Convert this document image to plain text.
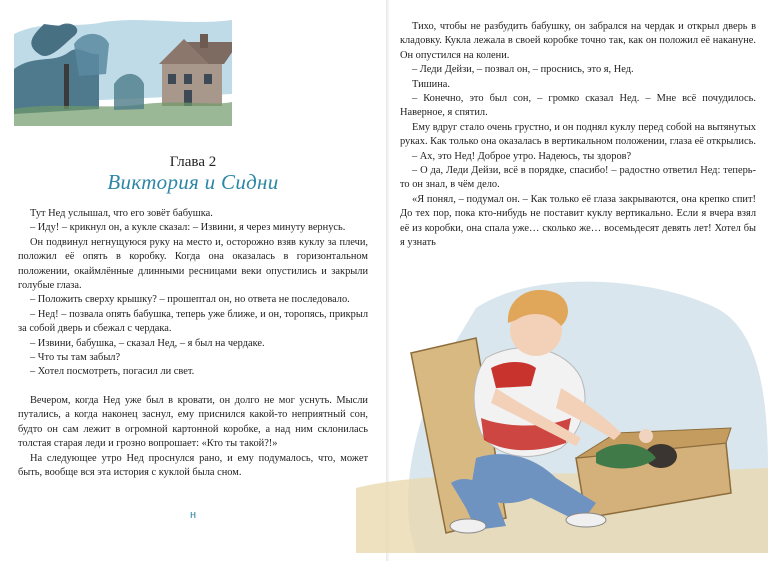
Глава 2
Виктория и Сидни

Тут Нед услышал, что его зовёт бабушка.

– Иду! – крикнул он, а кукле сказал: – Извини, я через минуту вернусь.

Он подвинул негнущуюся руку на место и, осторожно взяв куклу за плечи, положил её опять в коробку. Когда она оказалась в горизонтальном положении, окаймлённые длинными ресницами веки опустились и закрыли голубые глаза.

– Положить сверху крышку? – прошептал он, но ответа не последовало.

– Нед! – позвала опять бабушка, теперь уже ближе, и он, торопясь, прикрыл за собой дверь и сбежал с чердака.

– Извини, бабушка, – сказал Нед, – я был на чердаке.

– Что ты там забыл?

– Хотел посмотреть, погасил ли свет.

Вечером, когда Нед уже был в кровати, он долго не мог уснуть. Мысли путались, а когда наконец заснул, ему приснился какой-то неприятный сон, будто он сам лежит в огромной картонной коробке, а над ним склонилась толстая старая леди и грозно вопрошает: «Кто ты такой?!»

На следующее утро Нед проснулся рано, и ему подумалось, что, может быть, вообще вся эта история с куклой была сном.

н

Тихо, чтобы не разбудить бабушку, он забрался на чердак и открыл дверь в кладовку. Кукла лежала в своей коробке точно так, как он положил её накануне. Он опустился на колени.

– Леди Дейзи, – позвал он, – проснись, это я, Нед.

Тишина.

– Конечно, это был сон, – громко сказал Нед. – Мне всё почудилось. Наверное, я спятил.

Ему вдруг стало очень грустно, и он поднял куклу перед собой на вытянутых руках. Как только она оказалась в вертикальном положении, глаза её открылись.

– Ах, это Нед! Доброе утро. Надеюсь, ты здоров?

– О да, Леди Дейзи, всё в порядке, спасибо! – радостно ответил Нед: теперь-то он знал, в чём дело.

«Я понял, – подумал он. – Как только её глаза закрываются, она крепко спит! До тех пор, пока кто-нибудь не поставит куклу вертикально. Если я вчера взял её из коробки, она спала уже… сколько же… восемьдесят девять лет! Хотел бы я узнать
